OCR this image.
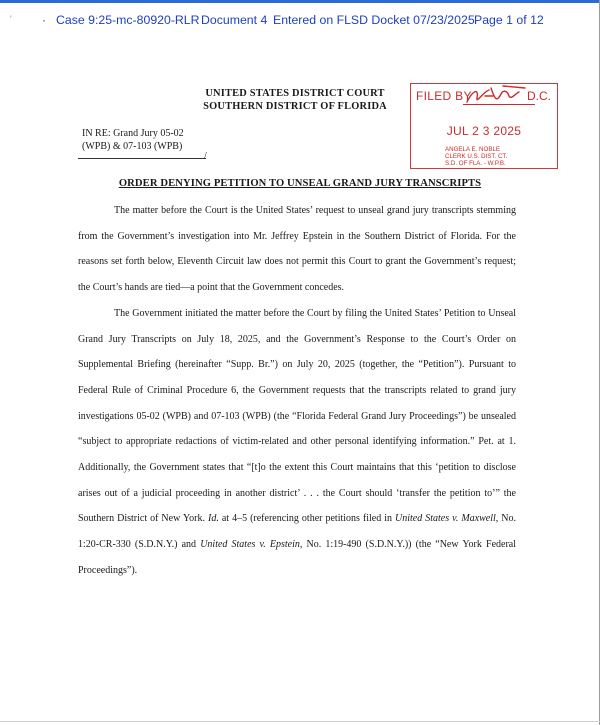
' · Case 9:25-mc-80920-RLR Document 4 Entered on FLSD Docket 07/23/2025 Page 1 of 12
UNITED STATES DISTRICT COURT
SOUTHERN DISTRICT OF FLORIDA
IN RE: Grand Jury 05-02
(WPB) & 07-103 (WPB)
/
FILED BY	D.C.
JUL 2 3 2025
ANGELA E. NOBLE
CLERK U.S. DIST. CT.
S.D. OF FLA. - W.P.B.
ORDER DENYING PETITION TO UNSEAL GRAND JURY TRANSCRIPTS

The matter before the Court is the United States’ request to unseal grand jury transcripts stemming from the Government’s investigation into Mr. Jeffrey Epstein in the Southern District of Florida. For the reasons set forth below, Eleventh Circuit law does not permit this Court to grant the Government’s request; the Court’s hands are tied—a point that the Government concedes.

The Government initiated the matter before the Court by filing the United States’ Petition to Unseal Grand Jury Transcripts on July 18, 2025, and the Government’s Response to the Court’s Order on Supplemental Briefing (hereinafter “Supp. Br.”) on July 20, 2025 (together, the “Petition”). Pursuant to Federal Rule of Criminal Procedure 6, the Government requests that the transcripts related to grand jury investigations 05-02 (WPB) and 07-103 (WPB) (the “Florida Federal Grand Jury Proceedings”) be unsealed “subject to appropriate redactions of victim-related and other personal identifying information.” Pet. at 1. Additionally, the Government states that “[t]o the extent this Court maintains that this ‘petition to disclose arises out of a judicial proceeding in another district’ . . . the Court should ‘transfer the petition to’” the Southern District of New York. Id. at 4–5 (referencing other petitions filed in United States v. Maxwell, No. 1:20-CR-330 (S.D.N.Y.) and United States v. Epstein, No. 1:19-490 (S.D.N.Y.)) (the “New York Federal Proceedings”).
